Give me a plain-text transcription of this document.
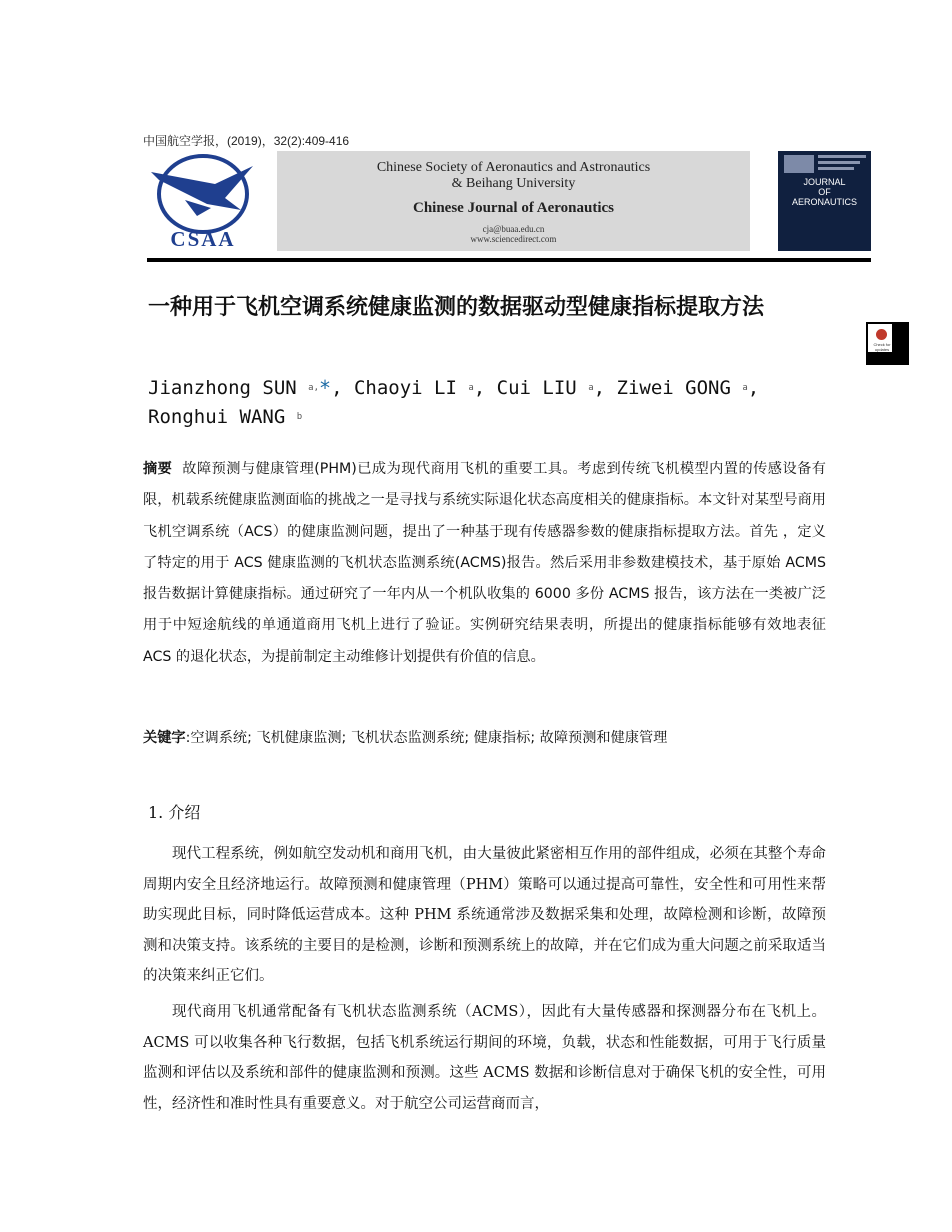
中国航空学报，(2019)，32(2):409-416
CSAA
Chinese Society of Aeronautics and Astronautics
& Beihang University
Chinese Journal of Aeronautics
cja@buaa.edu.cn
www.sciencedirect.com
JOURNAL
OF
AERONAUTICS
Check for updates
一种用于飞机空调系统健康监测的数据驱动型健康指标提取方法
Jianzhong SUN $^{a,}$*, Chaoyi LI $^a$, Cui LIU $^a$, Ziwei GONG $^a$,
Ronghui WANG $^b$
摘要 故障预测与健康管理(PHM)已成为现代商用飞机的重要工具。考虑到传统飞机模型内置的传感设备有限，机载系统健康监测面临的挑战之一是寻找与系统实际退化状态高度相关的健康指标。本文针对某型号商用飞机空调系统（ACS）的健康监测问题，提出了一种基于现有传感器参数的健康指标提取方法。首先 ，定义了特定的用于 ACS 健康监测的飞机状态监测系统(ACMS)报告。然后采用非参数建模技术，基于原始 ACMS 报告数据计算健康指标。通过研究了一年内从一个机队收集的 6000 多份 ACMS 报告，该方法在一类被广泛用于中短途航线的单通道商用飞机上进行了验证。实例研究结果表明，所提出的健康指标能够有效地表征 ACS 的退化状态，为提前制定主动维修计划提供有价值的信息。
关键字:空调系统; 飞机健康监测; 飞机状态监测系统; 健康指标; 故障预测和健康管理
1. 介绍
现代工程系统，例如航空发动机和商用飞机，由大量彼此紧密相互作用的部件组成，必须在其整个寿命周期内安全且经济地运行。故障预测和健康管理（PHM）策略可以通过提高可靠性，安全性和可用性来帮助实现此目标，同时降低运营成本。这种 PHM 系统通常涉及数据采集和处理，故障检测和诊断，故障预测和决策支持。该系统的主要目的是检测，诊断和预测系统上的故障，并在它们成为重大问题之前采取适当的决策来纠正它们。
现代商用飞机通常配备有飞机状态监测系统（ACMS），因此有大量传感器和探测器分布在飞机上。ACMS 可以收集各种飞行数据，包括飞机系统运行期间的环境，负载，状态和性能数据，可用于飞行质量监测和评估以及系统和部件的健康监测和预测。这些 ACMS 数据和诊断信息对于确保飞机的安全性，可用性，经济性和准时性具有重要意义。对于航空公司运营商而言，
